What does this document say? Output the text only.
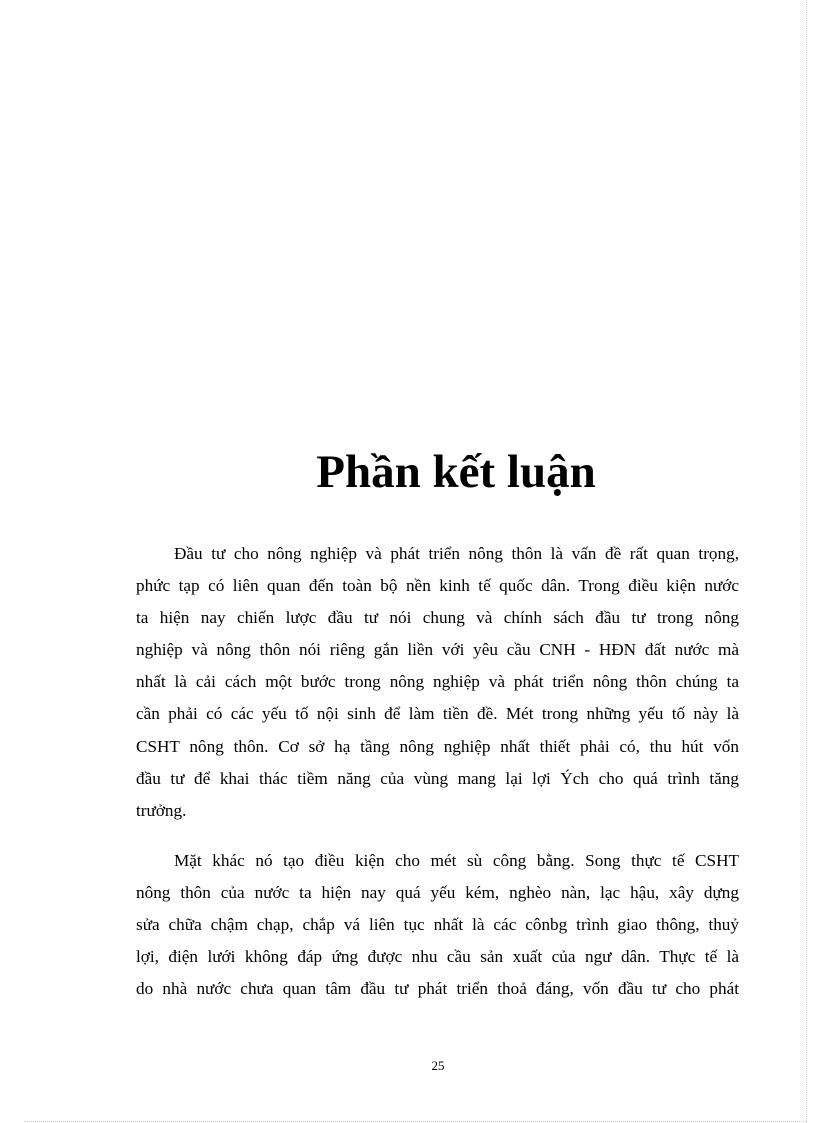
Phần kết luận
Đầu tư cho nông nghiệp và phát triển nông thôn là vấn đề rất quan trọng,
phức tạp có liên quan đến toàn bộ nền kinh tế quốc dân. Trong điều kiện nước
ta hiện nay chiến lược đầu tư nói chung và chính sách đầu tư trong nông
nghiệp và nông thôn nói riêng gắn liền với yêu cầu CNH - HĐN đất nước mà
nhất là cải cách một bước trong nông nghiệp và phát triển nông thôn chúng ta
cần phải có các yếu tố nội sinh để làm tiền đề. Mét trong những yếu tố này là
CSHT nông thôn. Cơ sở hạ tầng nông nghiệp nhất thiết phải có, thu hút vốn
đầu tư để khai thác tiềm năng của vùng mang lại lợi Ých cho quá trình tăng
trưởng.
Mặt khác nó tạo điều kiện cho mét sù công bằng. Song thực tế CSHT
nông thôn của nước ta hiện nay quá yếu kém, nghèo nàn, lạc hậu, xây dựng
sửa chữa chậm chạp, chắp vá liên tục nhất là các cônbg trình giao thông, thuỷ
lợi, điện lưới không đáp ứng được nhu cầu sản xuất của ngư dân. Thực tế là
do nhà nước chưa quan tâm đầu tư phát triển thoả đáng, vốn đầu tư cho phát

25
